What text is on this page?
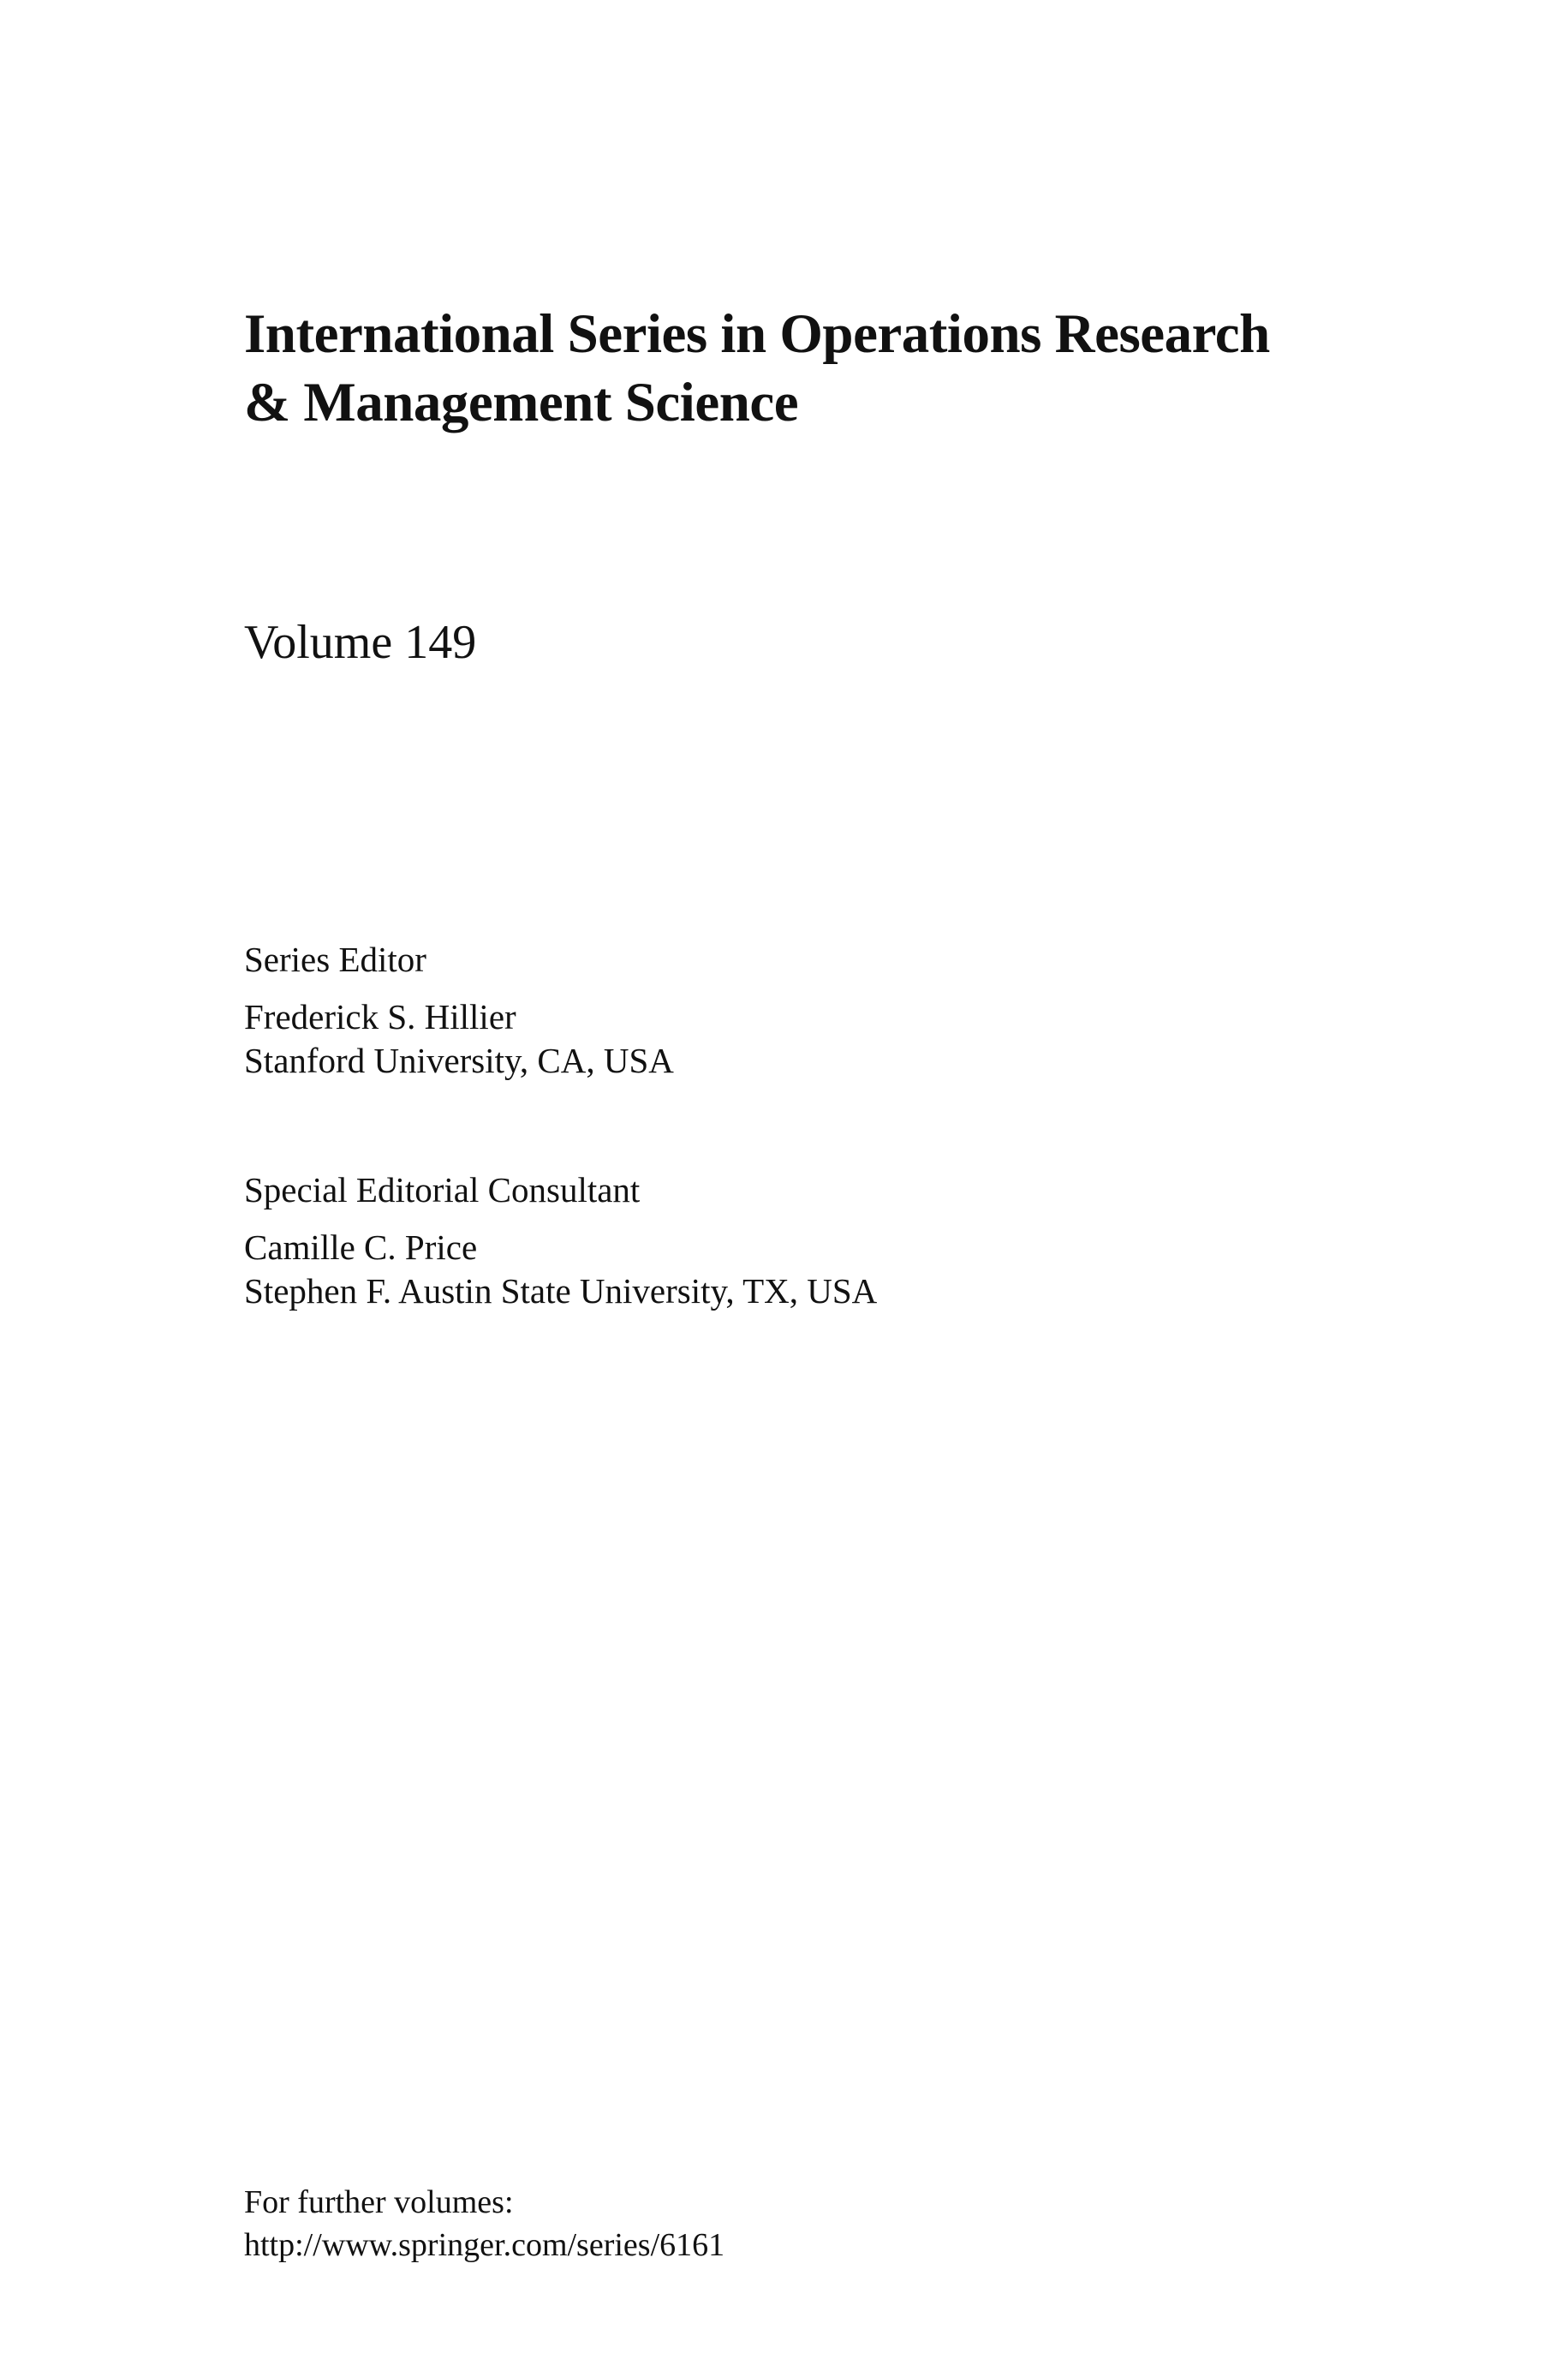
International Series in Operations Research
& Management Science

Volume 149

Series Editor
Frederick S. Hillier
Stanford University, CA, USA
Special Editorial Consultant
Camille C. Price
Stephen F. Austin State University, TX, USA
For further volumes:
http://www.springer.com/series/6161
